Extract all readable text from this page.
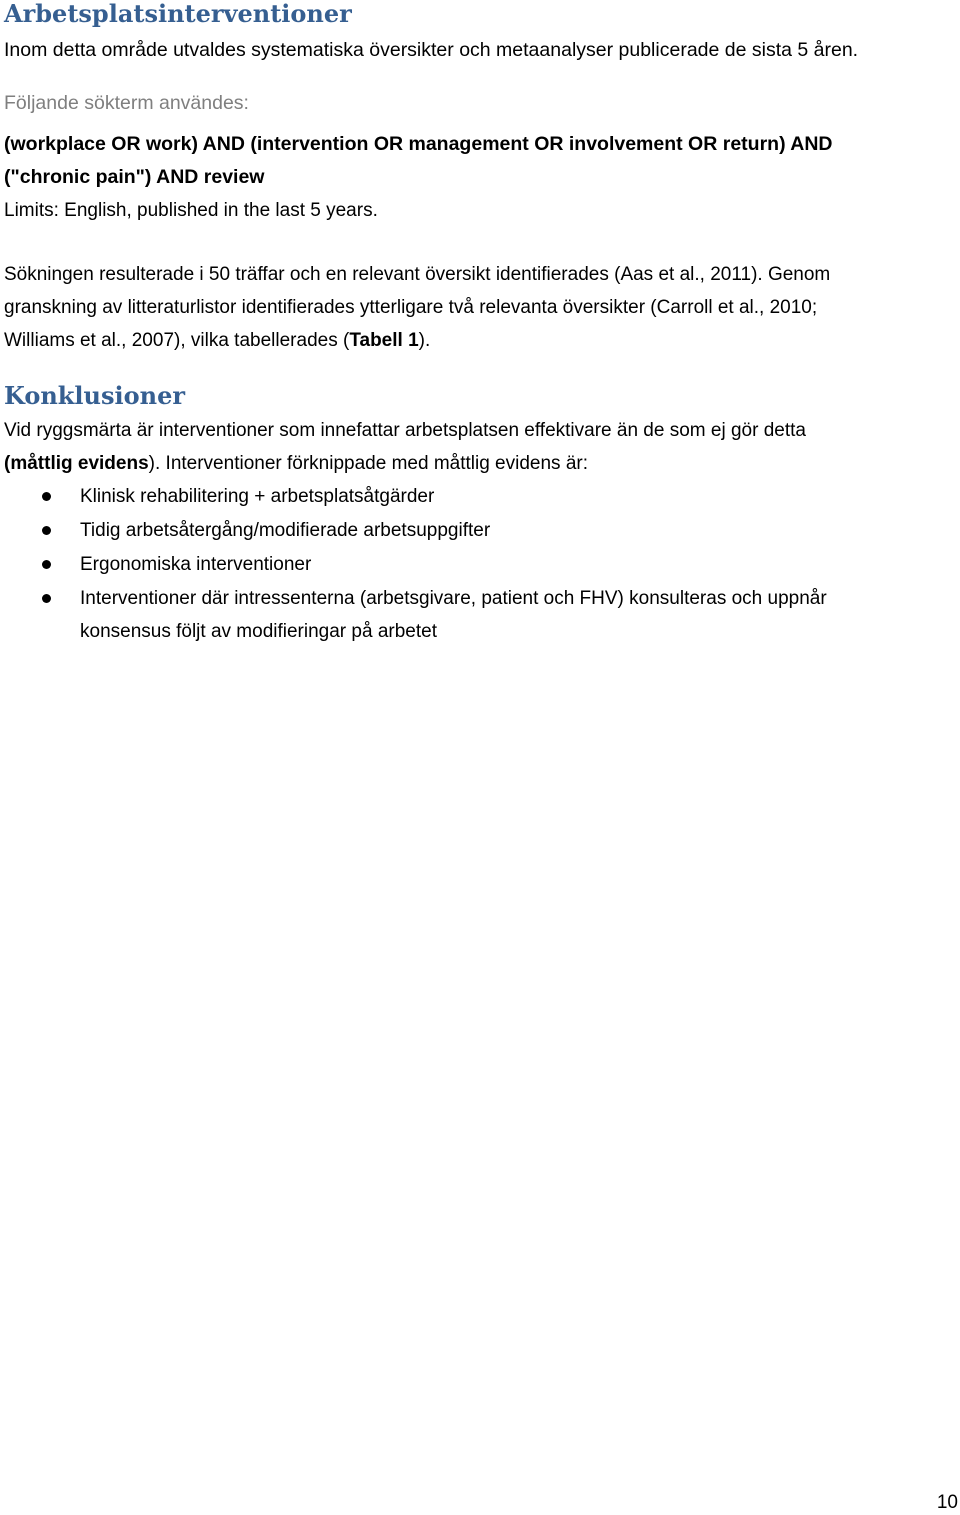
Arbetsplatsinterventioner

Inom detta område utvaldes systematiska översikter och metaanalyser publicerade de sista 5 åren.

Följande sökterm användes:

(workplace OR work) AND (intervention OR management OR involvement OR return) AND

("chronic pain") AND review

Limits: English, published in the last 5 years.

Sökningen resulterade i 50 träffar och en relevant översikt identifierades (Aas et al., 2011). Genom

granskning av litteraturlistor identifierades ytterligare två relevanta översikter (Carroll et al., 2010;

Williams et al., 2007), vilka tabellerades (Tabell 1).

Konklusioner

Vid ryggsmärta är interventioner som innefattar arbetsplatsen effektivare än de som ej gör detta

(måttlig evidens). Interventioner förknippade med måttlig evidens är:

Klinisk rehabilitering + arbetsplatsåtgärder
Tidig arbetsåtergång/modifierade arbetsuppgifter
Ergonomiska interventioner
Interventioner där intressenterna (arbetsgivare, patient och FHV) konsulteras och uppnår
konsensus följt av modifieringar på arbetet
10
